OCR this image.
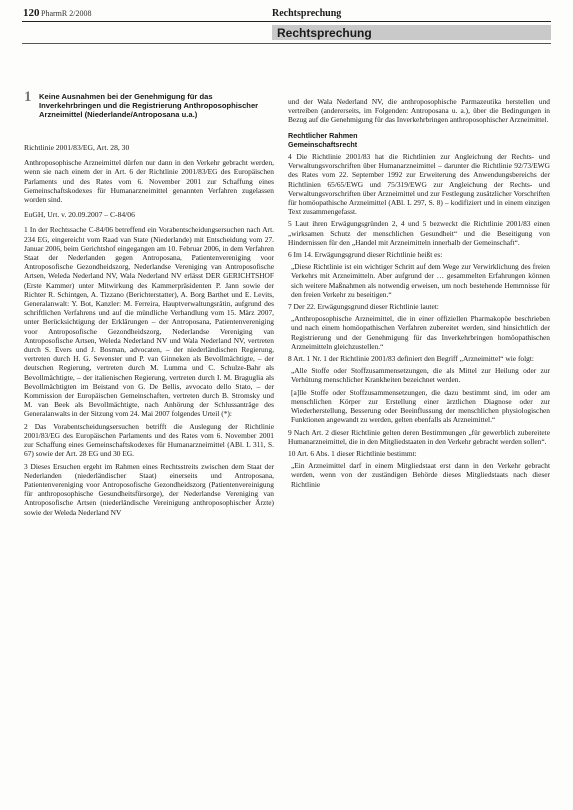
120 PharmR 2/2008	Rechtsprechung
Rechtsprechung
1 Keine Ausnahmen bei der Genehmigung für das Inverkehrbringen und die Registrierung Anthroposophischer Arzneimittel (Niederlande/Antroposana u.a.)

Richtlinie 2001/83/EG, Art. 28, 30

Anthroposophische Arzneimittel dürfen nur dann in den Verkehr gebracht werden, wenn sie nach einem der in Art. 6 der Richtlinie 2001/83/EG des Europäischen Parlaments und des Rates vom 6. November 2001 zur Schaffung eines Gemeinschaftskodexes für Humanarzneimittel genannten Verfahren zugelassen worden sind.

EuGH, Urt. v. 20.09.2007 – C-84/06

1 In der Rechtssache C-84/06 betreffend ein Vorabentscheidungsersuchen nach Art. 234 EG, eingereicht vom Raad van State (Niederlande) mit Entscheidung vom 27. Januar 2006, beim Gerichtshof eingegangen am 10. Februar 2006, in dem Verfahren Staat der Nederlanden gegen Antroposana, Patientenvereniging voor Antroposofische Gezondheidszorg, Nederlandse Vereniging van Antroposofische Artsen, Weleda Nederland NV, Wala Nederland NV erlässt DER GERICHTSHOF (Erste Kammer) unter Mitwirkung des Kammerpräsidenten P. Jann sowie der Richter R. Schintgen, A. Tizzano (Berichterstatter), A. Borg Barthet und E. Levits, Generalanwalt: Y. Bot, Kanzler: M. Ferreira, Hauptverwaltungsrätin, aufgrund des schriftlichen Verfahrens und auf die mündliche Verhandlung vom 15. März 2007, unter Berücksichtigung der Erklärungen – der Antroposana, Patientenvereniging voor Antroposofische Gezondheidszorg, Nederlandse Vereniging van Antroposofische Artsen, Weleda Nederland NV und Wala Nederland NV, vertreten durch S. Evers und J. Bosman, advocaten, – der niederländischen Regierung, vertreten durch H. G. Sevenster und P. van Ginneken als Bevollmächtigte, – der deutschen Regierung, vertreten durch M. Lumma und C. Schulze-Bahr als Bevollmächtigte, – der italienischen Regierung, vertreten durch I. M. Braguglia als Bevollmächtigten im Beistand von G. De Bellis, avvocato dello Stato, – der Kommission der Europäischen Gemeinschaften, vertreten durch B. Stromsky und M. van Beek als Bevollmächtigte, nach Anhörung der Schlussanträge des Generalanwalts in der Sitzung vom 24. Mai 2007 folgendes Urteil (*):

2 Das Vorabentscheidungsersuchen betrifft die Auslegung der Richtlinie 2001/83/EG des Europäischen Parlaments und des Rates vom 6. November 2001 zur Schaffung eines Gemeinschaftskodexes für Humanarzneimittel (ABl. L 311, S. 67) sowie der Art. 28 EG und 30 EG.

3 Dieses Ersuchen ergeht im Rahmen eines Rechtsstreits zwischen dem Staat der Nederlanden (niederländischer Staat) einerseits und Antroposana, Patientenvereniging voor Antroposofische Gezondheidszorg (Patientenvereinigung für anthroposophische Gesundheitsfürsorge), der Nederlandse Vereniging van Antroposofische Artsen (niederländische Vereinigung anthroposophischer Ärzte) sowie der Weleda Nederland NV

und der Wala Nederland NV, die anthroposophische Parmazeutika herstellen und vertreiben (andererseits, im Folgenden: Antroposana u. a.), über die Bedingungen in Bezug auf die Genehmigung für das Inverkehrbringen anthroposophischer Arzneimittel.

Rechtlicher Rahmen

Gemeinschaftsrecht

4 Die Richtlinie 2001/83 hat die Richtlinien zur Angleichung der Rechts- und Verwaltungsvorschriften über Humanarzneimittel – darunter die Richtlinie 92/73/EWG des Rates vom 22. September 1992 zur Erweiterung des Anwendungsbereichs der Richtlinien 65/65/EWG und 75/319/EWG zur Angleichung der Rechts- und Verwaltungsvorschriften über Arzneimittel und zur Festlegung zusätzlicher Vorschriften für homöopathische Arzneimittel (ABl. L 297, S. 8) – kodifiziert und in einem einzigen Text zusammengefasst.

5 Laut ihren Erwägungsgründen 2, 4 und 5 bezweckt die Richtlinie 2001/83 einen „wirksamen Schutz der menschlichen Gesundheit“ und die Beseitigung von Hindernissen für den „Handel mit Arzneimitteln innerhalb der Gemeinschaft“.

6 Im 14. Erwägungsgrund dieser Richtlinie heißt es:

„Diese Richtlinie ist ein wichtiger Schritt auf dem Wege zur Verwirklichung des freien Verkehrs mit Arzneimitteln. Aber aufgrund der … gesammelten Erfahrungen können sich weitere Maßnahmen als notwendig erweisen, um noch bestehende Hemmnisse für den freien Verkehr zu beseitigen.“

7 Der 22. Erwägungsgrund dieser Richtlinie lautet:

„Anthroposophische Arzneimittel, die in einer offiziellen Pharmakopöe beschrieben und nach einem homöopathischen Verfahren zubereitet werden, sind hinsichtlich der Registrierung und der Genehmigung für das Inverkehrbringen homöopathischen Arzneimitteln gleichzustellen.“

8 Art. 1 Nr. 1 der Richtlinie 2001/83 definiert den Begriff „Arzneimittel“ wie folgt:

„Alle Stoffe oder Stoffzusammensetzungen, die als Mittel zur Heilung oder zur Verhütung menschlicher Krankheiten bezeichnet werden.

[a]lle Stoffe oder Stoffzusammensetzungen, die dazu bestimmt sind, im oder am menschlichen Körper zur Erstellung einer ärztlichen Diagnose oder zur Wiederherstellung, Besserung oder Beeinflussung der menschlichen physiologischen Funktionen angewandt zu werden, gelten ebenfalls als Arzneimittel.“

9 Nach Art. 2 dieser Richtlinie gelten deren Bestimmungen „für gewerblich zubereitete Humanarzneimittel, die in den Mitgliedstaaten in den Verkehr gebracht werden sollen“.

10 Art. 6 Abs. 1 dieser Richtlinie bestimmt:

„Ein Arzneimittel darf in einem Mitgliedstaat erst dann in den Verkehr gebracht werden, wenn von der zuständigen Behörde dieses Mitgliedstaats nach dieser Richtlinie
